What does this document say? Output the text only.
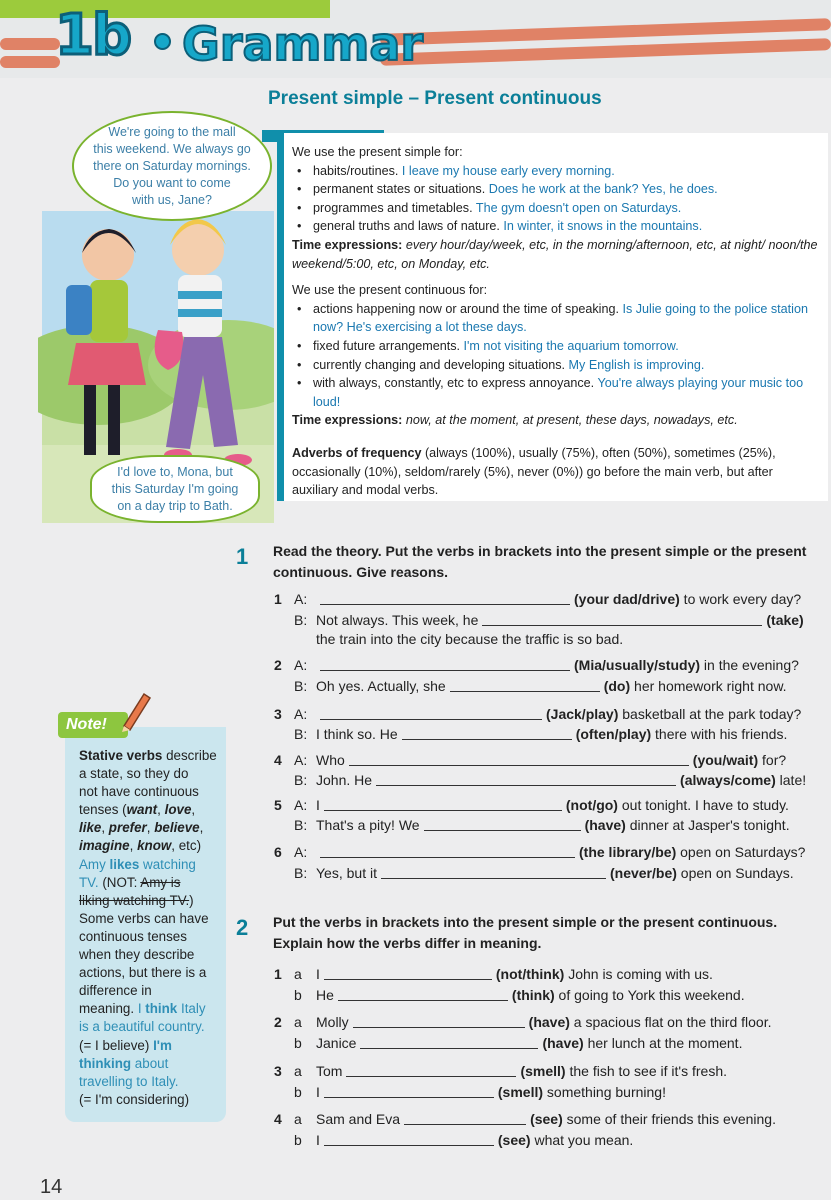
1b Grammar
Present simple – Present continuous
We're going to the mall
this weekend. We always go
there on Saturday mornings.
Do you want to come
with us, Jane?
I'd love to, Mona, but
this Saturday I'm going
on a day trip to Bath.

We use the present simple for:

• habits/routines. I leave my house early every morning.
• permanent states or situations. Does he work at the bank? Yes, he does.
• programmes and timetables. The gym doesn't open on Saturdays.
• general truths and laws of nature. In winter, it snows in the mountains.

Time expressions: every hour/day/week, etc, in the morning/afternoon, etc, at night/ noon/the weekend/5:00, etc, on Monday, etc.

We use the present continuous for:

• actions happening now or around the time of speaking. Is Julie going to the police station now? He's exercising a lot these days.
• fixed future arrangements. I'm not visiting the aquarium tomorrow.
• currently changing and developing situations. My English is improving.
• with always, constantly, etc to express annoyance. You're always playing your music too loud!

Time expressions: now, at the moment, at present, these days, nowadays, etc.

Adverbs of frequency (always (100%), usually (75%), often (50%), sometimes (25%), occasionally (10%), seldom/rarely (5%), never (0%)) go before the main verb, but after auxiliary and modal verbs.

1 Read the theory. Put the verbs in brackets into the present simple or the present continuous. Give reasons.
1 A:	(your dad/drive) to work every day?
B: Not always. This week, he	(take)
the train into the city because the traffic is so bad.
2 A:	(Mia/usually/study) in the evening?
B: Oh yes. Actually, she	(do) her homework right now.
3 A:	(Jack/play) basketball at the park today?
B: I think so. He	(often/play) there with his friends.
4 A: Who	(you/wait) for?
B: John. He	(always/come) late!
5 A: I	(not/go) out tonight. I have to study.
B: That's a pity! We	(have) dinner at Jasper's tonight.
6 A:	(the library/be) open on Saturdays?
B: Yes, but it	(never/be) open on Sundays.
2 Put the verbs in brackets into the present simple or the present continuous. Explain how the verbs differ in meaning.
1 a I	(not/think) John is coming with us.
b He	(think) of going to York this weekend.
2 a Molly	(have) a spacious flat on the third floor.
b Janice	(have) her lunch at the moment.
3 a Tom	(smell) the fish to see if it's fresh.
b I	(smell) something burning!
4 a Sam and Eva	(see) some of their friends this evening.
b I	(see) what you mean.
Stative verbs describe
a state, so they do
not have continuous
tenses (want, love,
like, prefer, believe,
imagine, know, etc)
Amy likes watching
TV. (NOT: Amy is
liking watching TV.)
Some verbs can have
continuous tenses
when they describe
actions, but there is a
difference in
meaning. I think Italy
is a beautiful country.
(= I believe) I'm
thinking about
travelling to Italy.
(= I'm considering)
Note!
14
